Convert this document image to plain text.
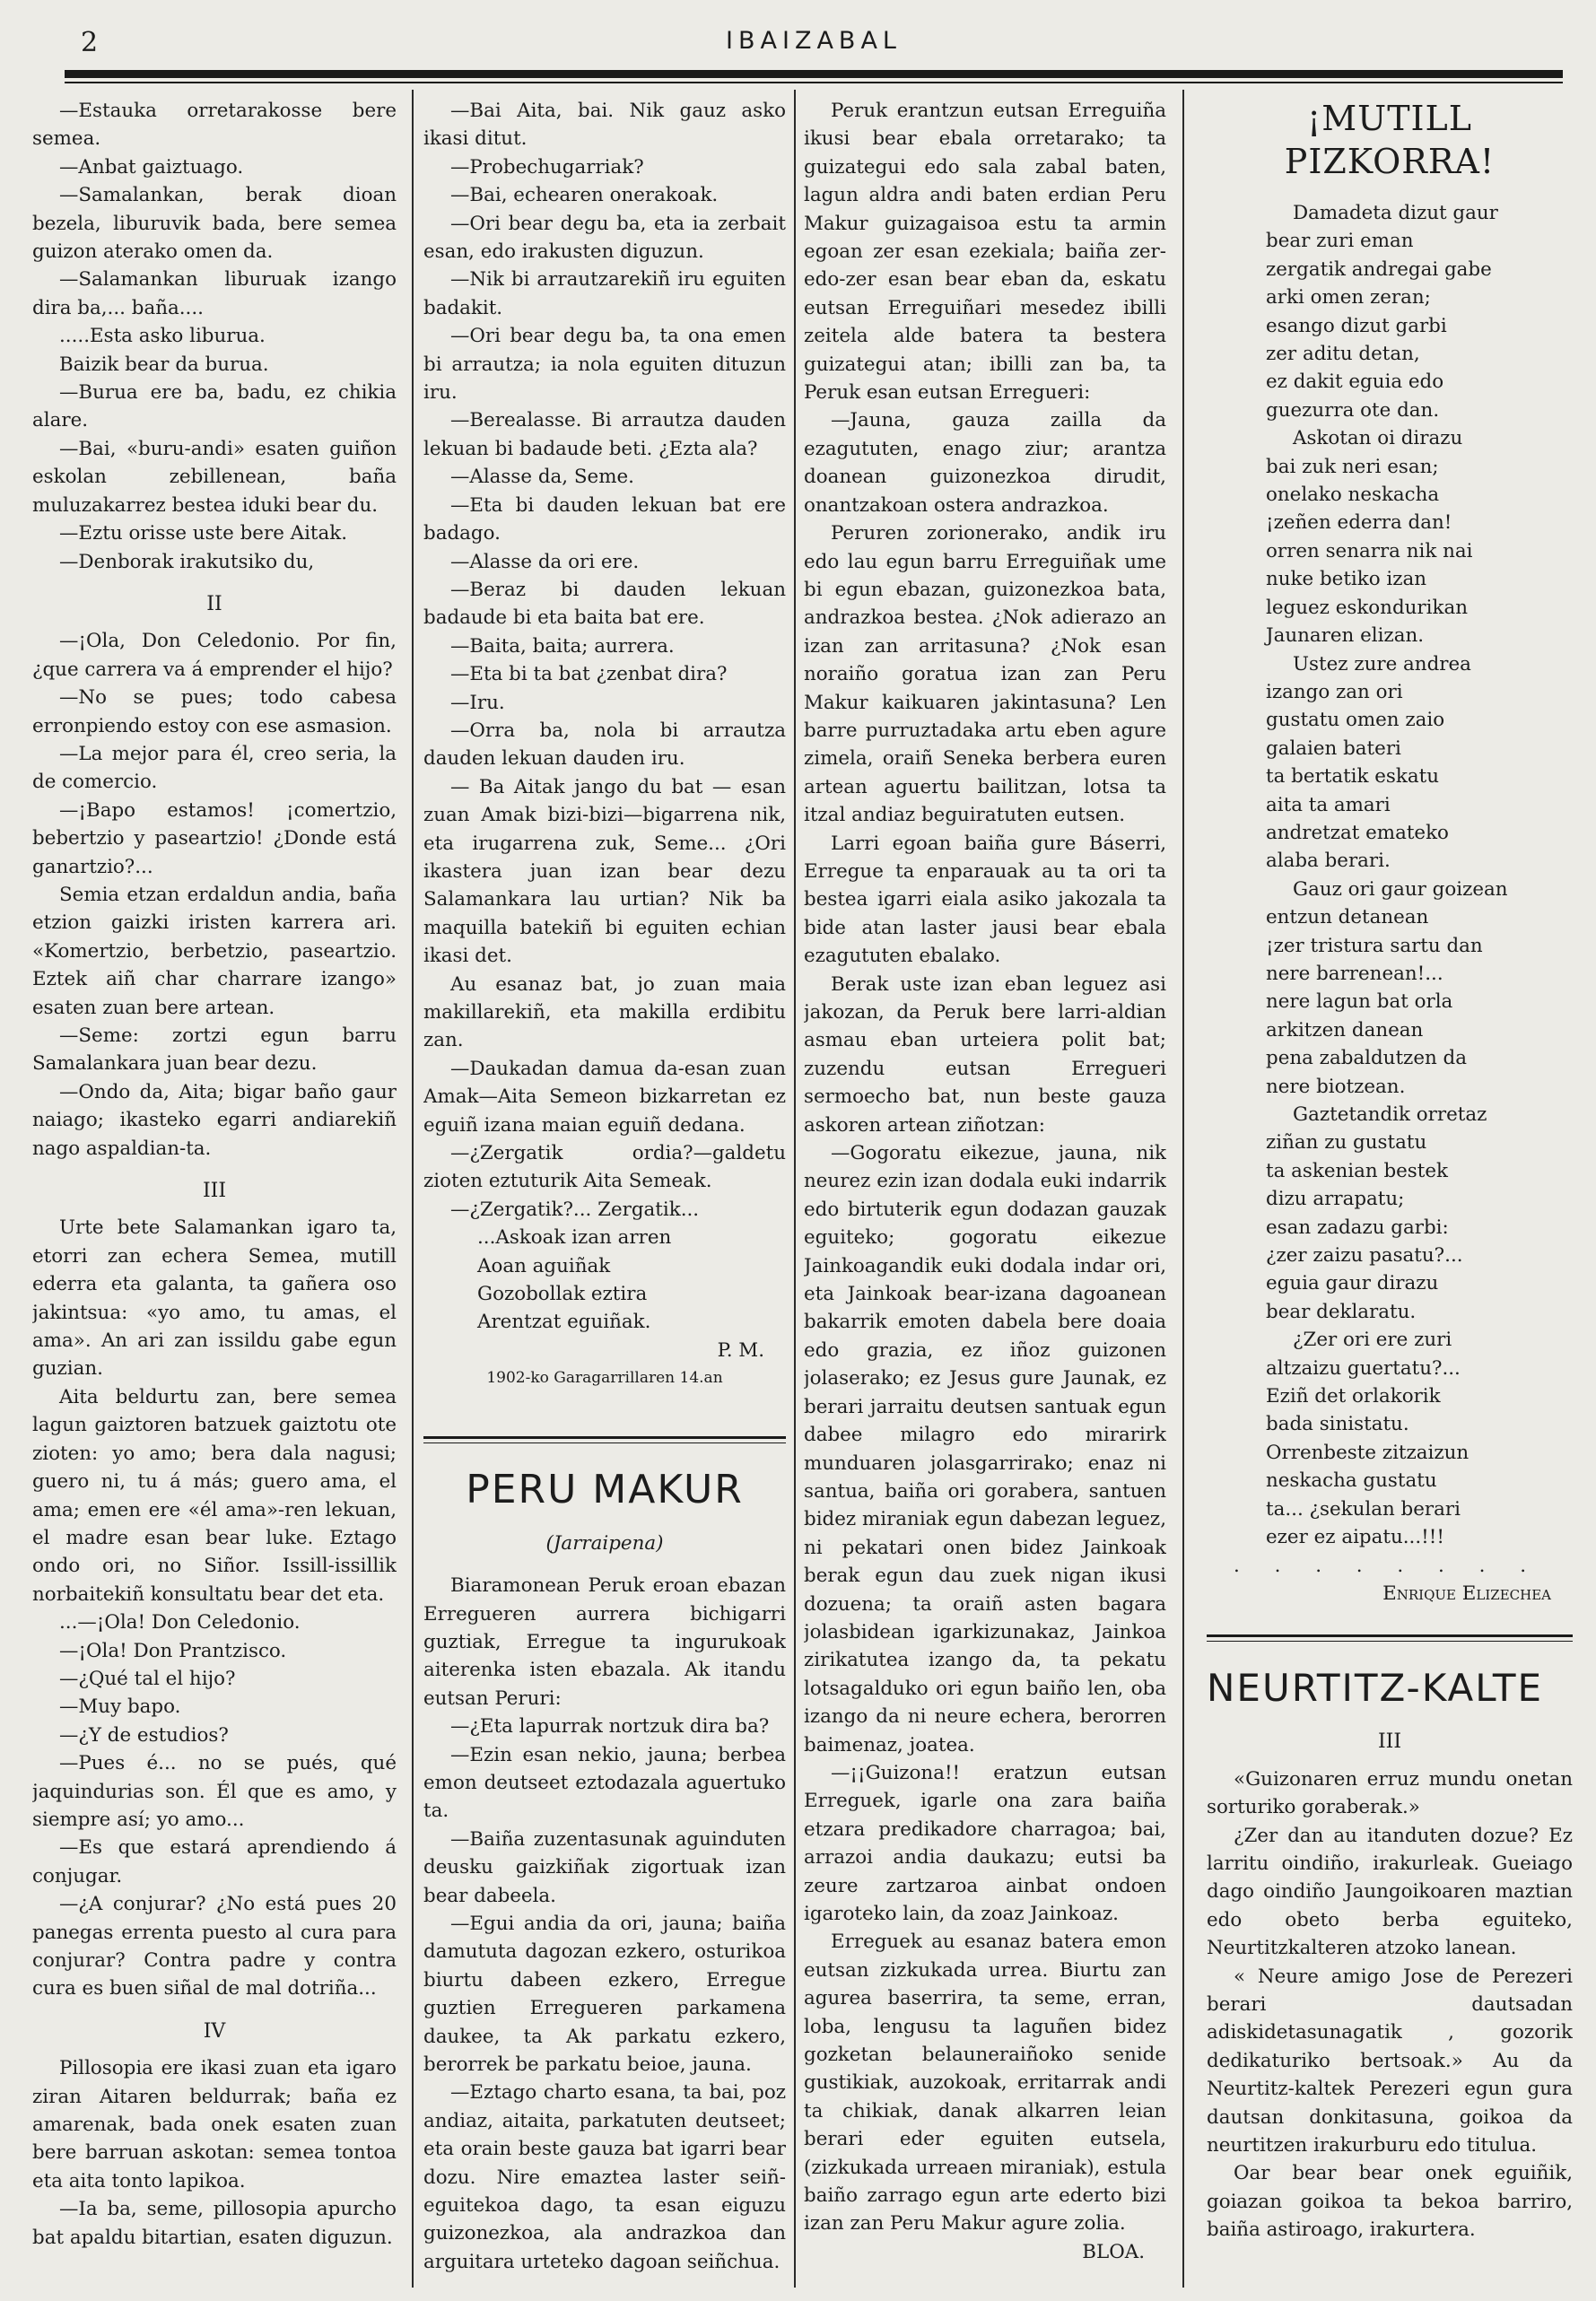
2	IBAIZABAL

—Estauka orretarakosse bere semea.

—Anbat gaiztuago.

—Samalankan, berak dioan bezela, liburuvik bada, bere semea guizon aterako omen da.

—Salamankan liburuak izango dira ba,... baña....

.....Esta asko liburua.

Baizik bear da burua.

—Burua ere ba, badu, ez chikia alare.

—Bai, «buru-andi» esaten guiñon eskolan zebillenean, baña muluzakarrez bestea iduki bear du.

—Eztu orisse uste bere Aitak.

—Denborak irakutsiko du,

II

—¡Ola, Don Celedonio. Por fin, ¿que carrera va á emprender el hijo?

—No se pues; todo cabesa erronpiendo estoy con ese asmasion.

—La mejor para él, creo seria, la de comercio.

—¡Bapo estamos! ¡comertzio, bebertzio y paseartzio! ¿Donde está ganartzio?...

Semia etzan erdaldun andia, baña etzion gaizki iristen karrera ari. «Komertzio, berbetzio, paseartzio. Eztek aiñ char charrare izango» esaten zuan bere artean.

—Seme: zortzi egun barru Samalankara juan bear dezu.

—Ondo da, Aita; bigar baño gaur naiago; ikasteko egarri andiarekiñ nago aspaldian-ta.

III

Urte bete Salamankan igaro ta, etorri zan echera Semea, mutill ederra eta galanta, ta gañera oso jakintsua: «yo amo, tu amas, el ama». An ari zan issildu gabe egun guzian.

Aita beldurtu zan, bere semea lagun gaiztoren batzuek gaiztotu ote zioten: yo amo; bera dala nagusi; guero ni, tu á más; guero ama, el ama; emen ere «él ama»-ren lekuan, el madre esan bear luke. Eztago ondo ori, no Siñor. Issill-issillik norbaitekiñ konsultatu bear det eta.

...—¡Ola! Don Celedonio.

—¡Ola! Don Prantzisco.

—¿Qué tal el hijo?

—Muy bapo.

—¿Y de estudios?

—Pues é... no se pués, qué jaquindurias son. Él que es amo, y siempre así; yo amo...

—Es que estará aprendiendo á conjugar.

—¿A conjurar? ¿No está pues 20 panegas errenta puesto al cura para conjurar? Contra padre y contra cura es buen siñal de mal dotriña...

IV

Pillosopia ere ikasi zuan eta igaro ziran Aitaren beldurrak; baña ez amarenak, bada onek esaten zuan bere barruan askotan: semea tontoa eta aita tonto lapikoa.

—Ia ba, seme, pillosopia apurcho bat apaldu bitartian, esaten diguzun.

—Bai Aita, bai. Nik gauz asko ikasi ditut.

—Probechugarriak?

—Bai, echearen onerakoak.

—Ori bear degu ba, eta ia zerbait esan, edo irakusten diguzun.

—Nik bi arrautzarekiñ iru eguiten badakit.

—Ori bear degu ba, ta ona emen bi arrautza; ia nola eguiten dituzun iru.

—Berealasse. Bi arrautza dauden lekuan bi badaude beti. ¿Ezta ala?

—Alasse da, Seme.

—Eta bi dauden lekuan bat ere badago.

—Alasse da ori ere.

—Beraz bi dauden lekuan badaude bi eta baita bat ere.

—Baita, baita; aurrera.

—Eta bi ta bat ¿zenbat dira?

—Iru.

—Orra ba, nola bi arrautza dauden lekuan dauden iru.

— Ba Aitak jango du bat — esan zuan Amak bizi-bizi—bigarrena nik, eta irugarrena zuk, Seme... ¿Ori ikastera juan izan bear dezu Salamankara lau urtian? Nik ba maquilla batekiñ bi eguiten echian ikasi det.

Au esanaz bat, jo zuan maia makillarekiñ, eta makilla erdibitu zan.

—Daukadan damua da-esan zuan Amak—Aita Semeon bizkarretan ez eguiñ izana maian eguiñ dedana.

—¿Zergatik ordia?—galdetu zioten eztuturik Aita Semeak.

—¿Zergatik?... Zergatik...

...Askoak izan arren
Aoan aguiñak
Gozobollak eztira
Arentzat eguiñak.

P. M.

1902-ko Garagarrillaren 14.an

PERU MAKUR

(Jarraipena)

Biaramonean Peruk eroan ebazan Erregueren aurrera bichigarri guztiak, Erregue ta ingurukoak aiterenka isten ebazala. Ak itandu eutsan Peruri:

—¿Eta lapurrak nortzuk dira ba?

—Ezin esan nekio, jauna; berbea emon deutseet eztodazala aguertuko ta.

—Baiña zuzentasunak aguinduten deusku gaizkiñak zigortuak izan bear dabeela.

—Egui andia da ori, jauna; baiña damututa dagozan ezkero, osturikoa biurtu dabeen ezkero, Erregue guztien Erregueren parkamena daukee, ta Ak parkatu ezkero, berorrek be parkatu beioe, jauna.

—Eztago charto esana, ta bai, poz andiaz, aitaita, parkatuten deutseet; eta orain beste gauza bat igarri bear dozu. Nire emaztea laster seiñ-eguitekoa dago, ta esan eiguzu guizonezkoa, ala andrazkoa dan arguitara urteteko dagoan seiñchua.

Peruk erantzun eutsan Erreguiña ikusi bear ebala orretarako; ta guizategui edo sala zabal baten, lagun aldra andi baten erdian Peru Makur guizagaisoa estu ta armin egoan zer esan ezekiala; baiña zer-edo-zer esan bear eban da, eskatu eutsan Erreguiñari mesedez ibilli zeitela alde batera ta bestera guizategui atan; ibilli zan ba, ta Peruk esan eutsan Erregueri:

—Jauna, gauza zailla da ezagututen, enago ziur; arantza doanean guizonezkoa dirudit, onantzakoan ostera andrazkoa.

Peruren zorionerako, andik iru edo lau egun barru Erreguiñak ume bi egun ebazan, guizonezkoa bata, andrazkoa bestea. ¿Nok adierazo an izan zan arritasuna? ¿Nok esan noraiño goratua izan zan Peru Makur kaikuaren jakintasuna? Len barre purruztadaka artu eben agure zimela, oraiñ Seneka berbera euren artean aguertu bailitzan, lotsa ta itzal andiaz beguiratuten eutsen.

Larri egoan baiña gure Báserri, Erregue ta enparauak au ta ori ta bestea igarri eiala asiko jakozala ta bide atan laster jausi bear ebala ezagututen ebalako.

Berak uste izan eban leguez asi jakozan, da Peruk bere larri-aldian asmau eban urteiera polit bat; zuzendu eutsan Erregueri sermoecho bat, nun beste gauza askoren artean ziñotzan:

—Gogoratu eikezue, jauna, nik neurez ezin izan dodala euki indarrik edo birtuterik egun dodazan gauzak eguiteko; gogoratu eikezue Jainkoagandik euki dodala indar ori, eta Jainkoak bear-izana dagoanean bakarrik emoten dabela bere doaia edo grazia, ez iñoz guizonen jolaserako; ez Jesus gure Jaunak, ez berari jarraitu deutsen santuak egun dabee milagro edo mirarirk munduaren jolasgarrirako; enaz ni santua, baiña ori gorabera, santuen bidez miraniak egun dabezan leguez, ni pekatari onen bidez Jainkoak berak egun dau zuek nigan ikusi dozuena; ta oraiñ asten bagara jolasbidean igarkizunakaz, Jainkoa zirikatutea izango da, ta pekatu lotsagalduko ori egun baiño len, oba izango da ni neure echera, berorren baimenaz, joatea.

—¡¡Guizona!! eratzun eutsan Erreguek, igarle ona zara baiña etzara predikadore charragoa; bai, arrazoi andia daukazu; eutsi ba zeure zartzaroa ainbat ondoen igaroteko lain, da zoaz Jainkoaz.

Erreguek au esanaz batera emon eutsan zizkukada urrea. Biurtu zan agurea baserrira, ta seme, erran, loba, lengusu ta laguñen bidez gozketan belauneraiñoko senide gustikiak, auzokoak, erritarrak andi ta chikiak, danak alkarren leian berari eder eguiten eutsela, (zizkukada urreaen miraniak), estula baiño zarrago egun arte ederto bizi izan zan Peru Makur agure zolia.

BLOA.

¡MUTILL PIZKORRA!
Damadeta dizut gaur
bear zuri eman
zergatik andregai gabe
arki omen zeran;
esango dizut garbi
zer aditu detan,
ez dakit eguia edo
guezurra ote dan.
Askotan oi dirazu
bai zuk neri esan;
onelako neskacha
¡zeñen ederra dan!
orren senarra nik nai
nuke betiko izan
leguez eskondurikan
Jaunaren elizan.
Ustez zure andrea
izango zan ori
gustatu omen zaio
galaien bateri
ta bertatik eskatu
aita ta amari
andretzat emateko
alaba berari.
Gauz ori gaur goizean
entzun detanean
¡zer tristura sartu dan
nere barrenean!...
nere lagun bat orla
arkitzen danean
pena zabaldutzen da
nere biotzean.
Gaztetandik orretaz
ziñan zu gustatu
ta askenian bestek
dizu arrapatu;
esan zadazu garbi:
¿zer zaizu pasatu?...
eguia gaur dirazu
bear deklaratu.
¿Zer ori ere zuri
altzaizu guertatu?...
Eziñ det orlakorik
bada sinistatu.
Orrenbeste zitzaizun
neskacha gustatu
ta... ¿sekulan berari
ezer ez aipatu...!!!
. . . . . . . .

Enrique Elizechea

NEURTITZ-KALTE

III

«Guizonaren erruz mundu onetan sorturiko goraberak.»

¿Zer dan au itanduten dozue? Ez larritu oindiño, irakurleak. Gueiago dago oindiño Jaungoikoaren maztian edo obeto berba eguiteko, Neurtitzkalteren atzoko lanean.

« Neure amigo Jose de Perezeri berari dautsadan adiskidetasunagatik , gozorik dedikaturiko bertsoak.» Au da Neurtitz-kaltek Perezeri egun gura dautsan donkitasuna, goikoa da neurtitzen irakurburu edo titulua.

Oar bear bear onek eguiñik, goiazan goikoa ta bekoa barriro, baiña astiroago, irakurtera.
